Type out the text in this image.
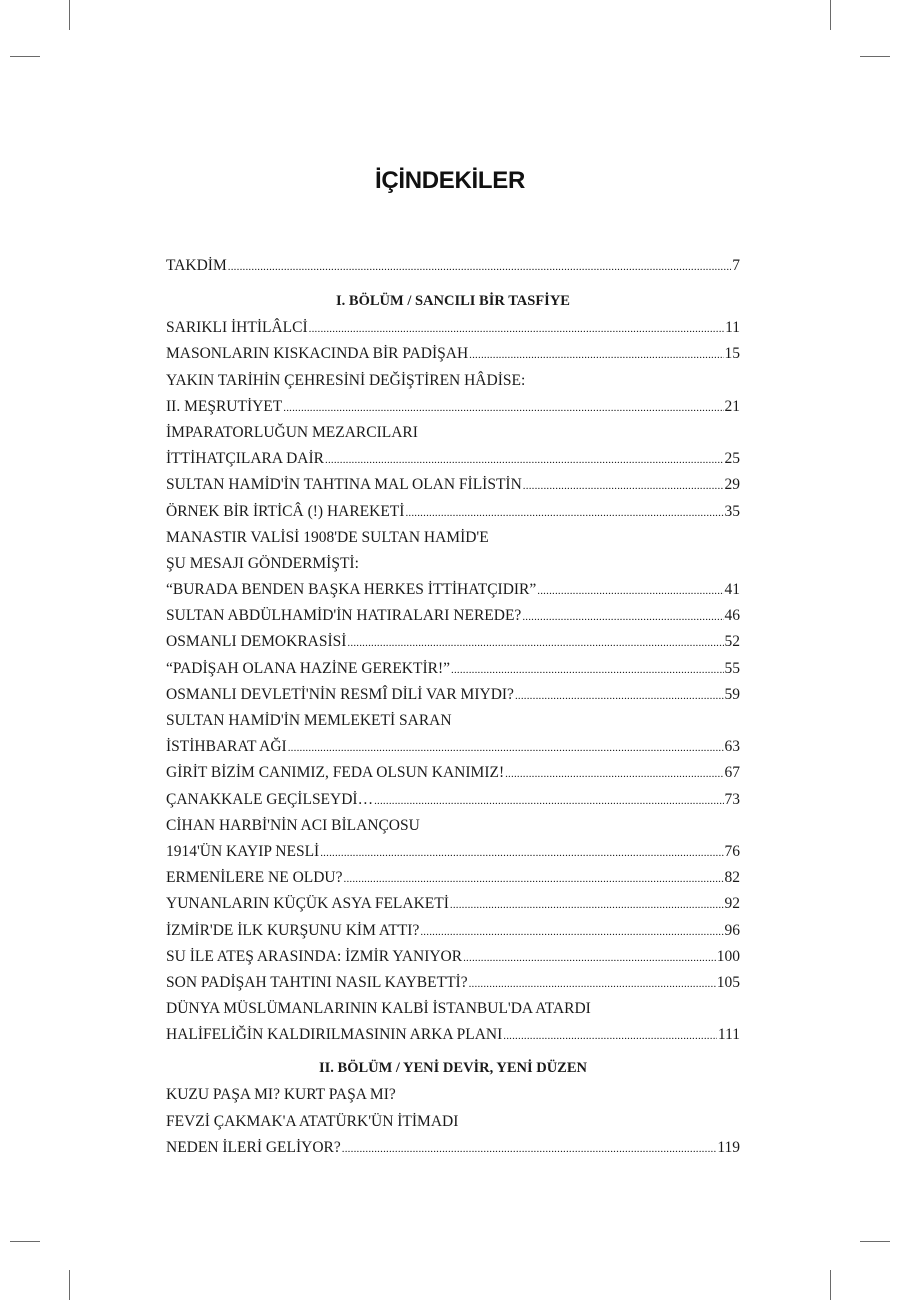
İÇİNDEKİLER
TAKDİM .....	7
I. BÖLÜM / SANCILI BİR TASFİYE
SARIKLI İHTİLÂLCİ .....	11
MASONLARIN KISKACINDA BİR PADİŞAH .....	15
YAKIN TARİHİN ÇEHRESİNİ DEĞİŞTİREN HÂDİSE:
II. MEŞRUTİYET .....	21
İMPARATORLUĞUN MEZARCILARI
İTTİHATÇILARA DAİR .....	25
SULTAN HAMİD'İN TAHTINA MAL OLAN FİLİSTİN .....	29
ÖRNEK BİR İRTİCÂ (!) HAREKETİ .....	35
MANASTIR VALİSİ 1908'DE SULTAN HAMİD'E
ŞU MESAJI GÖNDERMİŞTİ:
“BURADA BENDEN BAŞKA HERKES İTTİHATÇIDIR” .....	41
SULTAN ABDÜLHAMİD'İN HATIRALARI NEREDE? .....	46
OSMANLI DEMOKRASİSİ .....	52
“PADİŞAH OLANA HAZİNE GEREKTİR!” .....	55
OSMANLI DEVLETİ'NİN RESMÎ DİLİ VAR MIYDI? .....	59
SULTAN HAMİD'İN MEMLEKETİ SARAN
İSTİHBARAT AĞI .....	63
GİRİT BİZİM CANIMIZ, FEDA OLSUN KANIMIZ! .....	67
ÇANAKKALE GEÇİLSEYDİ… .....	73
CİHAN HARBİ'NİN ACI BİLANÇOSU
1914'ÜN KAYIP NESLİ .....	76
ERMENİLERE NE OLDU? .....	82
YUNANLARIN KÜÇÜK ASYA FELAKETİ .....	92
İZMİR'DE İLK KURŞUNU KİM ATTI? .....	96
SU İLE ATEŞ ARASINDA: İZMİR YANIYOR .....	100
SON PADİŞAH TAHTINI NASIL KAYBETTİ? .....	105
DÜNYA MÜSLÜMANLARININ KALBİ İSTANBUL'DA ATARDI
HALİFELİĞİN KALDIRILMASININ ARKA PLANI .....	111
II. BÖLÜM / YENİ DEVİR, YENİ DÜZEN
KUZU PAŞA MI? KURT PAŞA MI?
FEVZİ ÇAKMAK'A ATATÜRK'ÜN İTİMADI
NEDEN İLERİ GELİYOR? .....	119
